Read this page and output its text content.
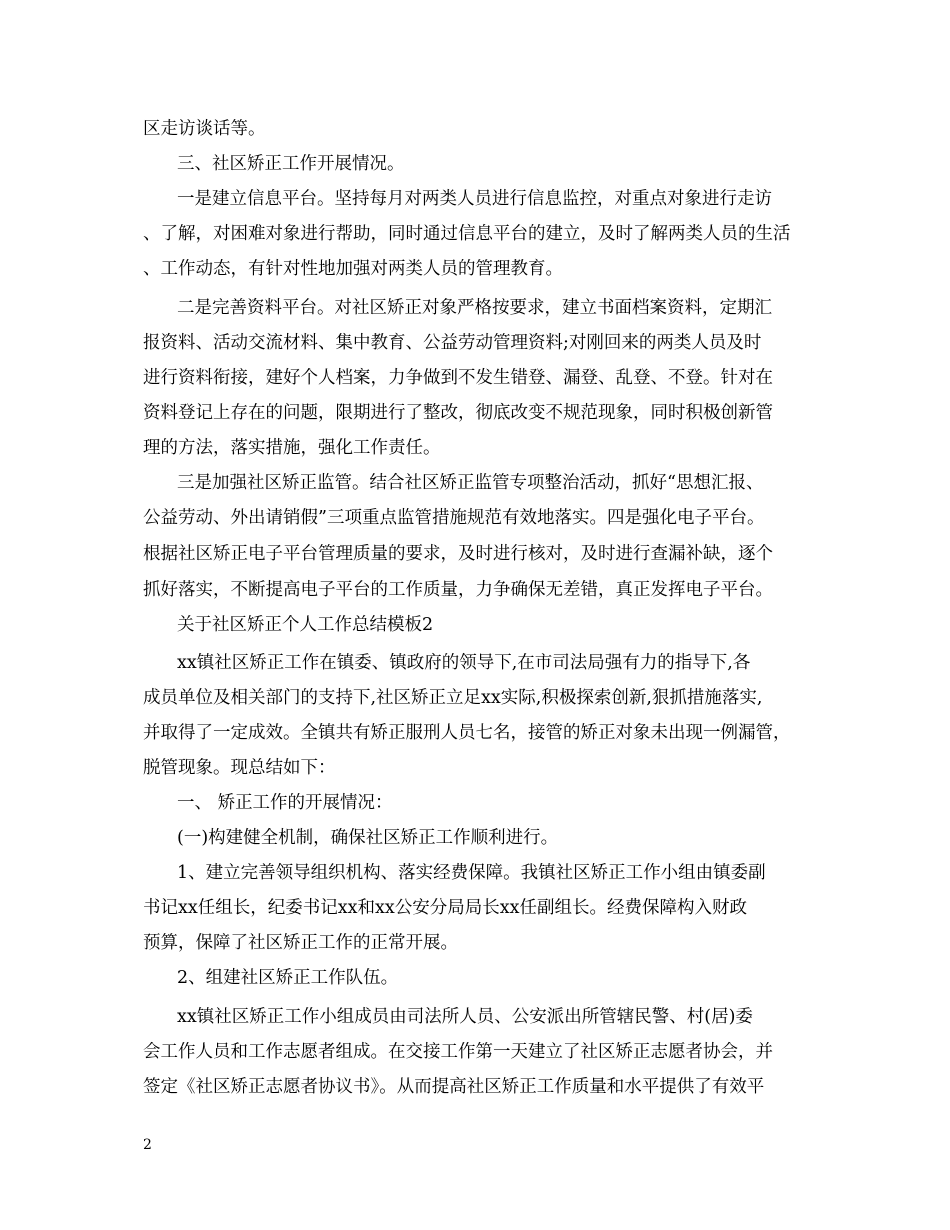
区走访谈话等。
三、社区矫正工作开展情况。
一是建立信息平台。坚持每月对两类人员进行信息监控，对重点对象进行走访
、了解，对困难对象进行帮助，同时通过信息平台的建立，及时了解两类人员的生活
、工作动态，有针对性地加强对两类人员的管理教育。
二是完善资料平台。对社区矫正对象严格按要求，建立书面档案资料，定期汇
报资料、活动交流材料、集中教育、公益劳动管理资料;对刚回来的两类人员及时
进行资料衔接，建好个人档案，力争做到不发生错登、漏登、乱登、不登。针对在
资料登记上存在的问题，限期进行了整改，彻底改变不规范现象，同时积极创新管
理的方法，落实措施，强化工作责任。
三是加强社区矫正监管。结合社区矫正监管专项整治活动，抓好“思想汇报、
公益劳动、外出请销假”三项重点监管措施规范有效地落实。四是强化电子平台。
根据社区矫正电子平台管理质量的要求，及时进行核对，及时进行查漏补缺，逐个
抓好落实，不断提高电子平台的工作质量，力争确保无差错，真正发挥电子平台。
关于社区矫正个人工作总结模板2
xx镇社区矫正工作在镇委、镇政府的领导下,在市司法局强有力的指导下,各
成员单位及相关部门的支持下,社区矫正立足xx实际,积极探索创新,狠抓措施落实,
并取得了一定成效。全镇共有矫正服刑人员七名，接管的矫正对象未出现一例漏管，
脱管现象。现总结如下：
一、 矫正工作的开展情况：
(一)构建健全机制，确保社区矫正工作顺利进行。
1、建立完善领导组织机构、落实经费保障。我镇社区矫正工作小组由镇委副
书记xx任组长，纪委书记xx和xx公安分局局长xx任副组长。经费保障构入财政
预算，保障了社区矫正工作的正常开展。
2、组建社区矫正工作队伍。
xx镇社区矫正工作小组成员由司法所人员、公安派出所管辖民警、村(居)委
会工作人员和工作志愿者组成。在交接工作第一天建立了社区矫正志愿者协会，并
签定《社区矫正志愿者协议书》。从而提高社区矫正工作质量和水平提供了有效平
2
